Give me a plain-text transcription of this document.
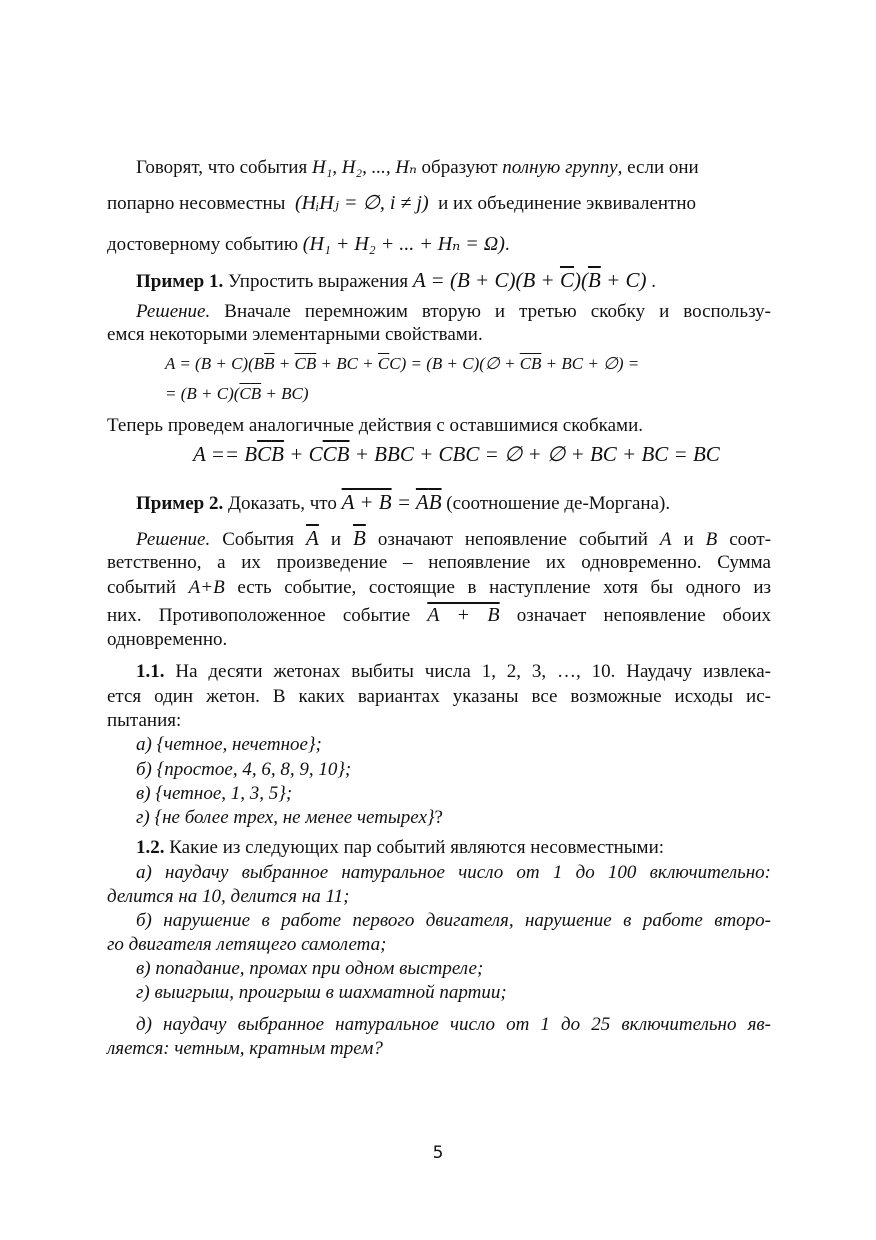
Говорят, что события H₁, H₂, ..., Hₙ образуют полную группу, если они
попарно несовместны (HᵢHⱼ = ∅, i ≠ j) и их объединение эквивалентно
достоверному событию (H₁ + H₂ + ... + Hₙ = Ω).
Пример 1. Упростить выражения $A = (B + C)(B + \overline{C})(\overline{B} + C)$ .
Решение. Вначале перемножим вторую и третью скобку и воспользу-
емся некоторыми элементарными свойствами.
$A = (B + C)(B\overline{B} + \overline{C}\overline{B}$ + BC + $\overline{C}C) = (B$ + C)(∅ + $\overline{C}\overline{B}$ + BC + ∅) =
= $(B + C)(\overline{C}\overline{B} + BC)$
Теперь проведем аналогичные действия с оставшимися скобками.
$A == B\overline{C}\overline{B} + C\overline{C}\overline{B}$ + BBC + CBC = ∅ + ∅ + BC + BC = BC
Пример 2. Доказать, что $A + B = \overline{A}\overline{B}$ (соотношение де-Моргана).
Решение. События $\overline{A}$ и $\overline{B}$ означают непоявление событий A и B соот-
ветственно, а их произведение – непоявление их одновременно. Сумма
событий A+B есть событие, состоящие в наступление хотя бы одного из
них. Противоположенное событие A + B означает непоявление обоих
одновременно.
1.1. На десяти жетонах выбиты числа 1, 2, 3, …, 10. Наудачу извлека-
ется один жетон. В каких вариантах указаны все возможные исходы ис-
пытания:
а) {четное, нечетное};
б) {простое, 4, 6, 8, 9, 10};
в) {четное, 1, 3, 5};
г) {не более трех, не менее четырех}?
1.2. Какие из следующих пар событий являются несовместными:
а) наудачу выбранное натуральное число от 1 до 100 включительно:
делится на 10, делится на 11;
б) нарушение в работе первого двигателя, нарушение в работе второ-
го двигателя летящего самолета;
в) попадание, промах при одном выстреле;
г) выигрыш, проигрыш в шахматной партии;
д) наудачу выбранное натуральное число от 1 до 25 включительно яв-
ляется: четным, кратным трем?
5
